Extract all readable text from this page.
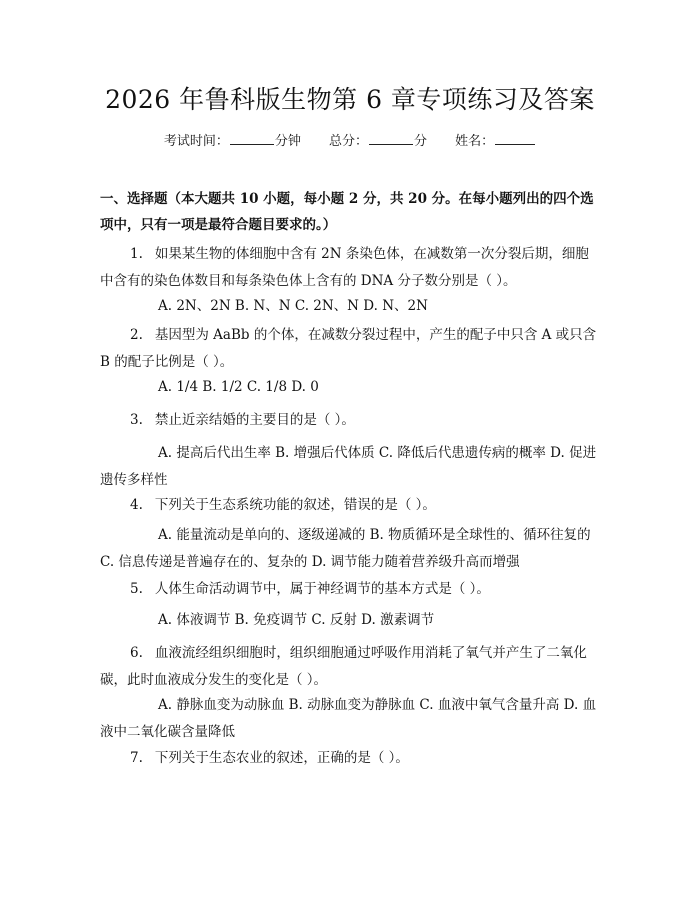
2026 年鲁科版生物第 6 章专项练习及答案
考试时间：	分钟 总分：	分 姓名：
一、选择题（本大题共 10 小题，每小题 2 分，共 20 分。在每小题列出的四个选项中，只有一项是最符合题目要求的。）
1. 如果某生物的体细胞中含有 2N 条染色体，在减数第一次分裂后期，细胞中含有的染色体数目和每条染色体上含有的 DNA 分子数分别是（ ）。
A. 2N、2N B. N、N C. 2N、N D. N、2N
2. 基因型为 AaBb 的个体，在减数分裂过程中，产生的配子中只含 A 或只含 B 的配子比例是（ ）。
A. 1/4 B. 1/2 C. 1/8 D. 0
3. 禁止近亲结婚的主要目的是（ ）。
A. 提高后代出生率 B. 增强后代体质 C. 降低后代患遗传病的概率 D. 促进遗传多样性
4. 下列关于生态系统功能的叙述，错误的是（ ）。
A. 能量流动是单向的、逐级递减的 B. 物质循环是全球性的、循环往复的 C. 信息传递是普遍存在的、复杂的 D. 调节能力随着营养级升高而增强
5. 人体生命活动调节中，属于神经调节的基本方式是（ ）。
A. 体液调节 B. 免疫调节 C. 反射 D. 激素调节
6. 血液流经组织细胞时，组织细胞通过呼吸作用消耗了氧气并产生了二氧化碳，此时血液成分发生的变化是（ ）。
A. 静脉血变为动脉血 B. 动脉血变为静脉血 C. 血液中氧气含量升高 D. 血液中二氧化碳含量降低
7. 下列关于生态农业的叙述，正确的是（ ）。
